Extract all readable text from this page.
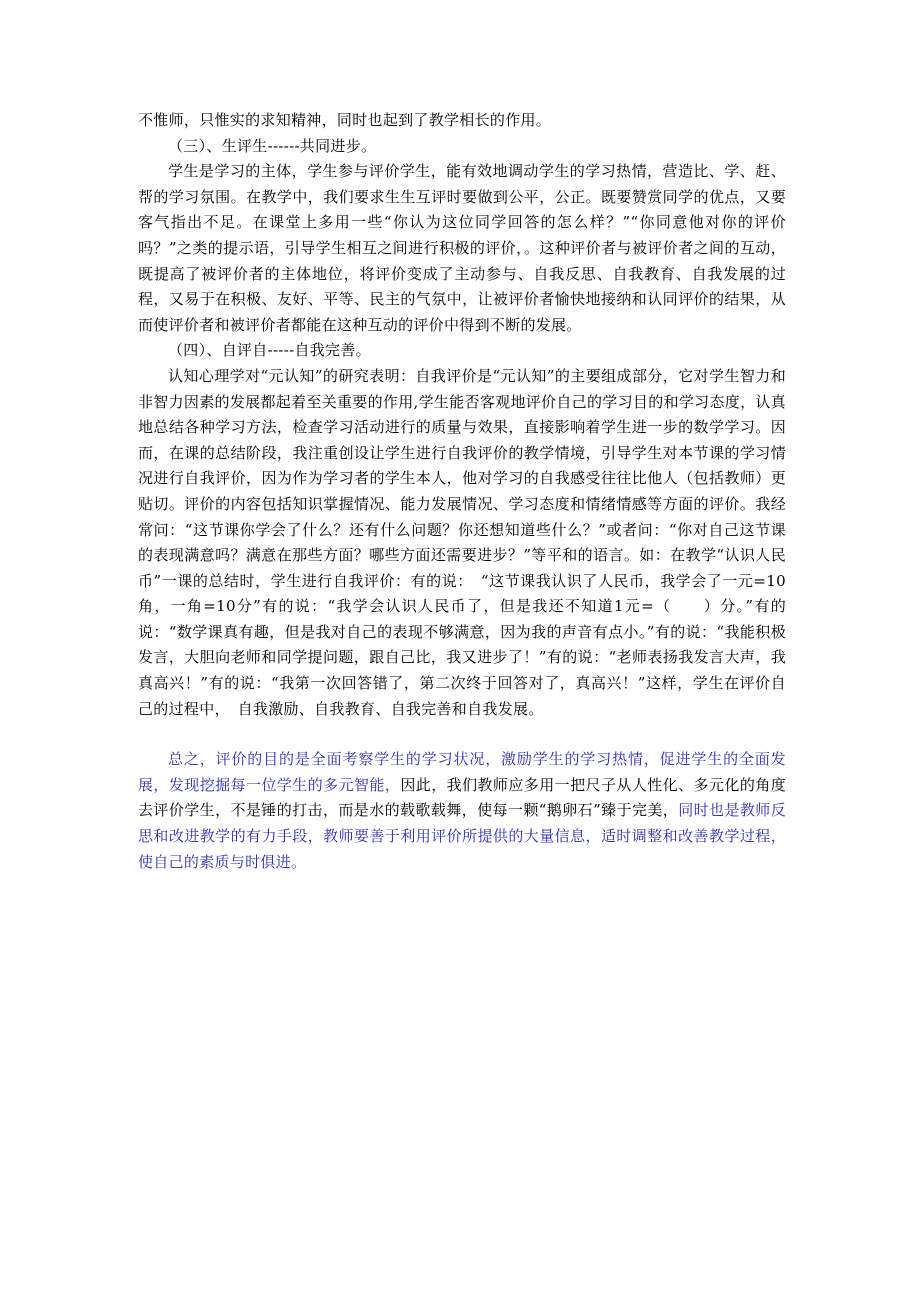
不惟师，只惟实的求知精神，同时也起到了教学相长的作用。

（三）、生评生------共同进步。

学生是学习的主体，学生参与评价学生，能有效地调动学生的学习热情，营造比、学、赶、帮的学习氛围。在教学中，我们要求生生互评时要做到公平，公正。既要赞赏同学的优点，又要客气指出不足。在课堂上多用一些“你认为这位同学回答的怎么样？”“你同意他对你的评价吗？”之类的提示语，引导学生相互之间进行积极的评价，。这种评价者与被评价者之间的互动，既提高了被评价者的主体地位，将评价变成了主动参与、自我反思、自我教育、自我发展的过程，又易于在积极、友好、平等、民主的气氛中，让被评价者愉快地接纳和认同评价的结果，从而使评价者和被评价者都能在这种互动的评价中得到不断的发展。

（四）、自评自-----自我完善。

认知心理学对“元认知”的研究表明：自我评价是“元认知”的主要组成部分，它对学生智力和非智力因素的发展都起着至关重要的作用,学生能否客观地评价自己的学习目的和学习态度，认真地总结各种学习方法，检查学习活动进行的质量与效果，直接影响着学生进一步的数学学习。因而，在课的总结阶段，我注重创设让学生进行自我评价的教学情境，引导学生对本节课的学习情况进行自我评价，因为作为学习者的学生本人，他对学习的自我感受往往比他人（包括教师）更贴切。评价的内容包括知识掌握情况、能力发展情况、学习态度和情绪情感等方面的评价。我经常问：“这节课你学会了什么？还有什么问题？你还想知道些什么？”或者问：“你对自己这节课的表现满意吗？满意在那些方面？哪些方面还需要进步？”等平和的语言。如：在教学“认识人民币”一课的总结时，学生进行自我评价：有的说：　“这节课我认识了人民币，我学会了一元=10角，一角=10分”有的说：“我学会认识人民币了，但是我还不知道1元=（　　）分。”有的说：“数学课真有趣，但是我对自己的表现不够满意，因为我的声音有点小。”有的说：“我能积极发言，大胆向老师和同学提问题，跟自己比，我又进步了！”有的说：“老师表扬我发言大声，我真高兴！”有的说：“我第一次回答错了，第二次终于回答对了，真高兴！”这样，学生在评价自己的过程中，　自我激励、自我教育、自我完善和自我发展。

总之，评价的目的是全面考察学生的学习状况，激励学生的学习热情，促进学生的全面发展，发现挖掘每一位学生的多元智能，因此，我们教师应多用一把尺子从人性化、多元化的角度去评价学生，不是锤的打击，而是水的载歌载舞，使每一颗“鹅卵石”臻于完美，同时也是教师反思和改进教学的有力手段，教师要善于利用评价所提供的大量信息，适时调整和改善教学过程，使自己的素质与时俱进。
